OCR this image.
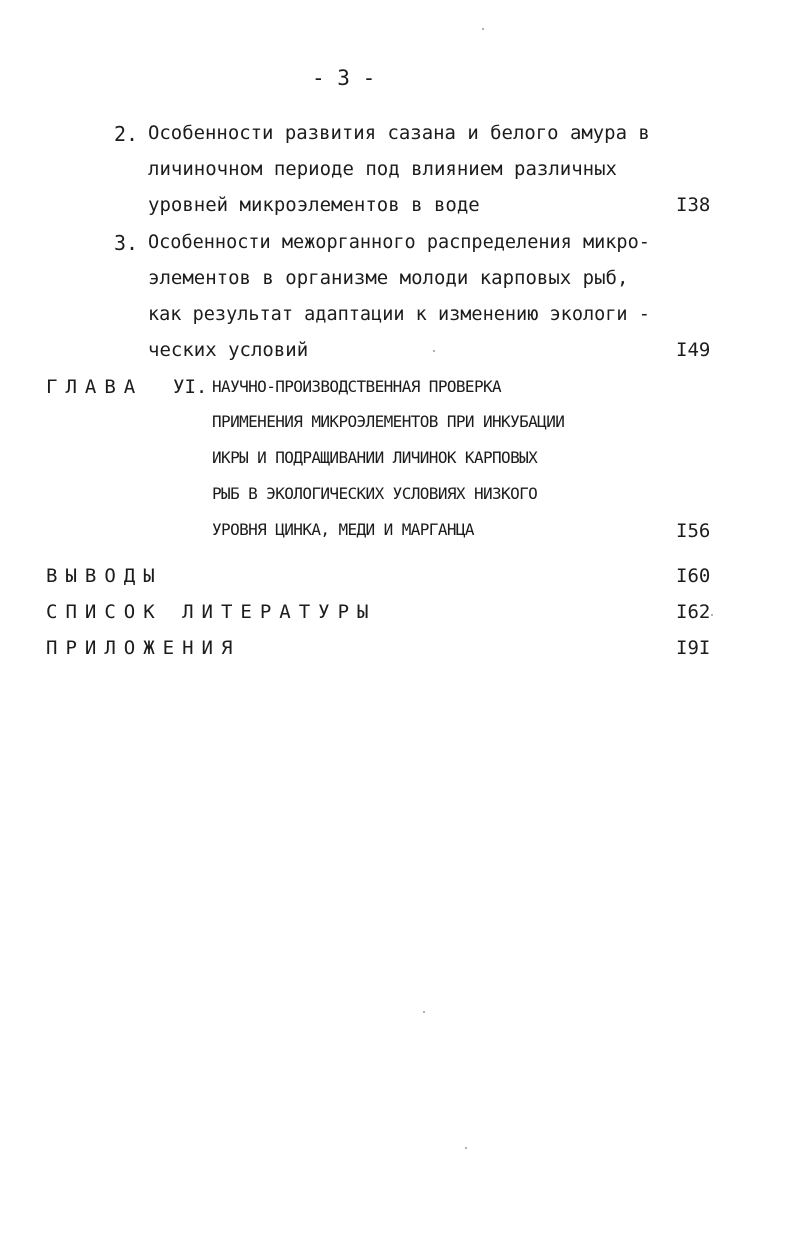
- 3 -
2. Особенности развития сазана и белого амура в
личиночном периоде под влиянием различных
уровней микроэлементов в воде	I38
3. Особенности межорганного распределения микро-
элементов в организме молоди карповых рыб,
как результат адаптации к изменению экологи -
ческих условий	I49
ГЛАВА УI. НАУЧНО-ПРОИЗВОДСТВЕННАЯ ПРОВЕРКА
ПРИМЕНЕНИЯ МИКРОЭЛЕМЕНТОВ ПРИ ИНКУБАЦИИ
ИКРЫ И ПОДРАЩИВАНИИ ЛИЧИНОК КАРПОВЫХ
РЫБ В ЭКОЛОГИЧЕСКИХ УСЛОВИЯХ НИЗКОГО
УРОВНЯ ЦИНКА, МЕДИ И МАРГАНЦА	I56
ВЫВОДЫ	I60
СПИСОК ЛИТЕРАТУРЫ	I62
ПРИЛОЖЕНИЯ	I9I
